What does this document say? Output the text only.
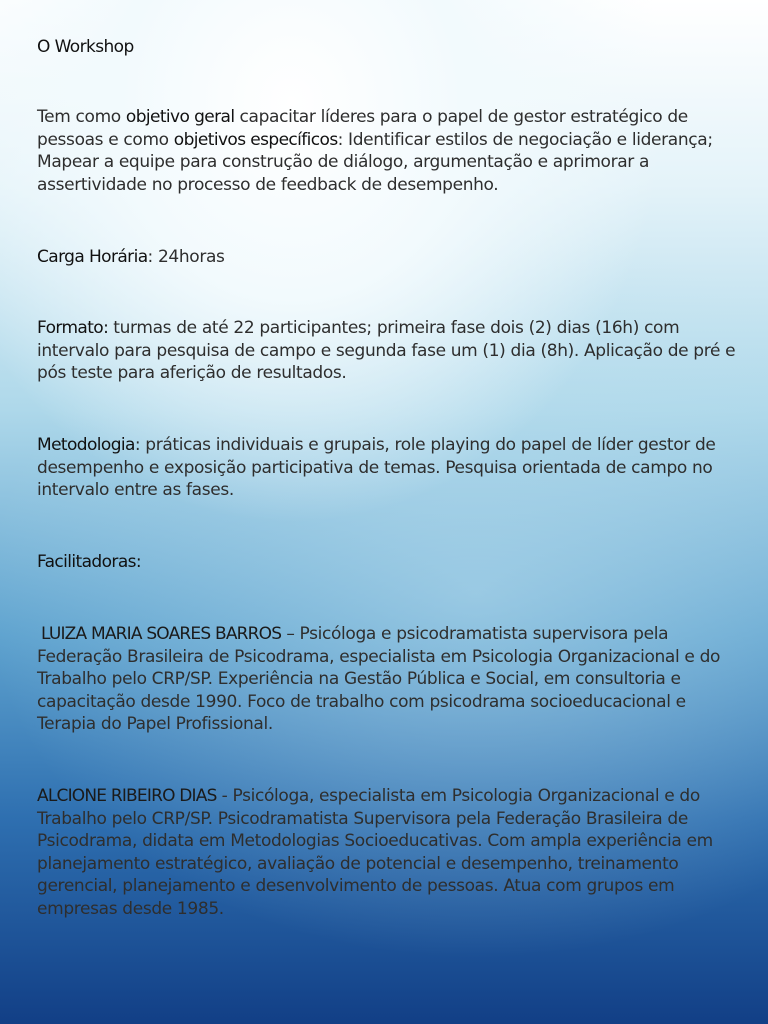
O Workshop
Tem como objetivo geral capacitar líderes para o papel de gestor estratégico de pessoas e como objetivos específicos: Identificar estilos de negociação e liderança; Mapear a equipe para construção de diálogo, argumentação e aprimorar a assertividade no processo de feedback de desempenho.
Carga Horária: 24horas
Formato: turmas de até 22 participantes; primeira fase dois (2) dias (16h) com intervalo para pesquisa de campo e segunda fase um (1) dia (8h). Aplicação de pré e pós teste para aferição de resultados.
Metodologia: práticas individuais e grupais, role playing do papel de líder gestor de desempenho e exposição participativa de temas. Pesquisa orientada de campo no intervalo entre as fases.
Facilitadoras:
LUIZA MARIA SOARES BARROS – Psicóloga e psicodramatista supervisora pela Federação Brasileira de Psicodrama, especialista em Psicologia Organizacional e do Trabalho pelo CRP/SP. Experiência na Gestão Pública e Social, em consultoria e capacitação desde 1990. Foco de trabalho com psicodrama socioeducacional e Terapia do Papel Profissional.
ALCIONE RIBEIRO DIAS - Psicóloga, especialista em Psicologia Organizacional e do Trabalho pelo CRP/SP. Psicodramatista Supervisora pela Federação Brasileira de Psicodrama, didata em Metodologias Socioeducativas. Com ampla experiência em planejamento estratégico, avaliação de potencial e desempenho, treinamento gerencial, planejamento e desenvolvimento de pessoas. Atua com grupos em empresas desde 1985.
